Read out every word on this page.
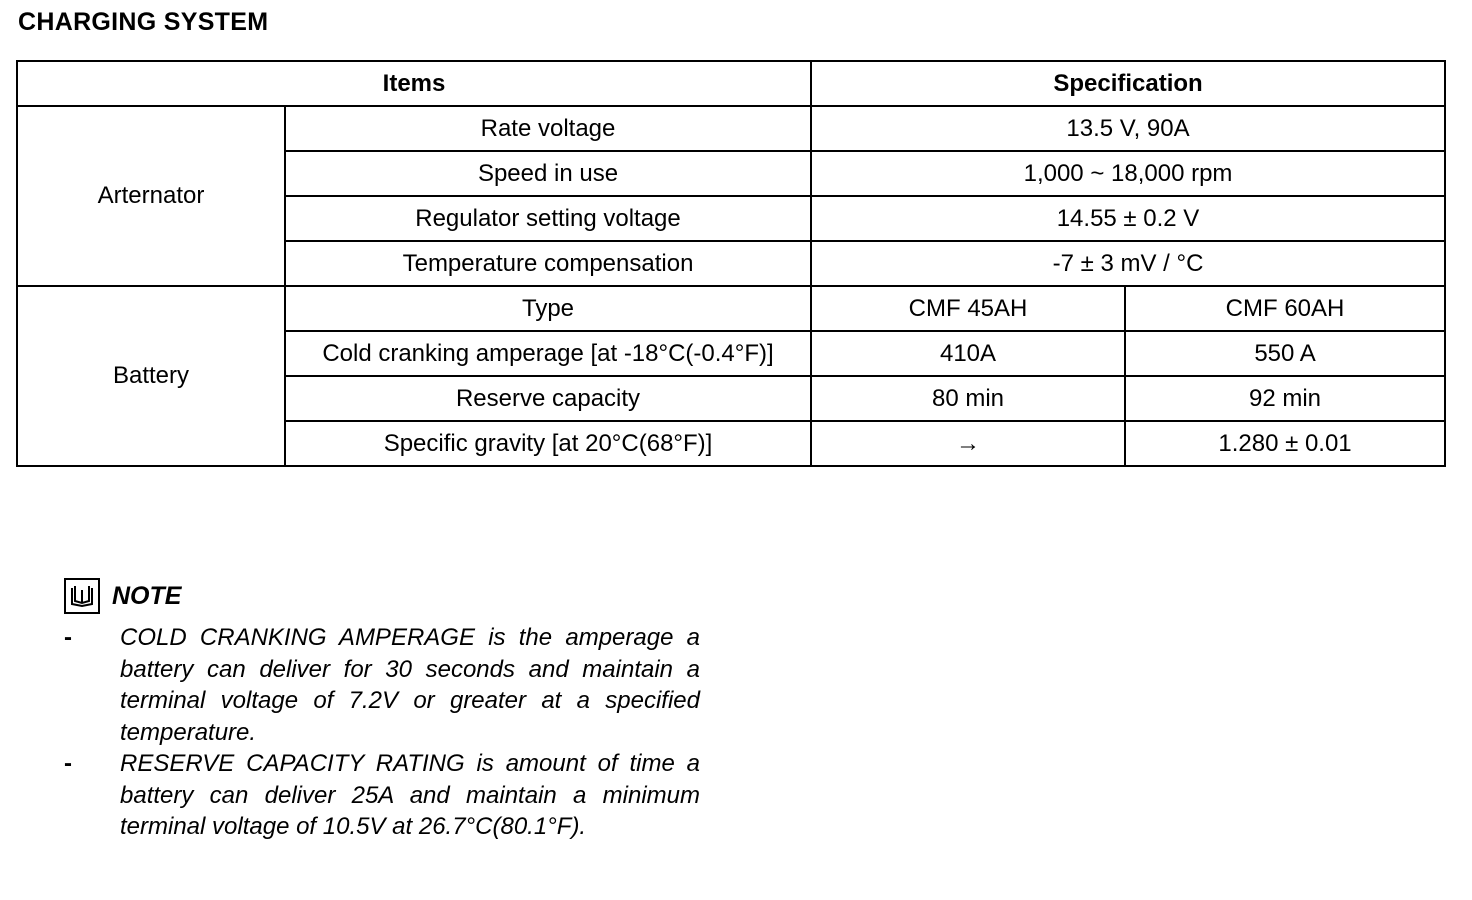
CHARGING SYSTEM
Items		Specification	
Arternator	Rate voltage	13.5 V, 90A	
	Speed in use	1,000 ~ 18,000 rpm	
	Regulator setting voltage	14.55 ± 0.2 V	
	Temperature compensation	-7 ± 3 mV / °C	
Battery	Type	CMF 45AH	CMF 60AH
	Cold cranking amperage [at -18°C(-0.4°F)]	410A	550 A
	Reserve capacity	80 min	92 min
	Specific gravity [at 20°C(68°F)]	→	1.280 ± 0.01
NOTE
-	COLD CRANKING AMPERAGE is the amperage a battery can deliver for 30 seconds and maintain a terminal voltage of 7.2V or greater at a specified temperature.
-	RESERVE CAPACITY RATING is amount of time a battery can deliver 25A and maintain a minimum terminal voltage of 10.5V at 26.7°C(80.1°F).
